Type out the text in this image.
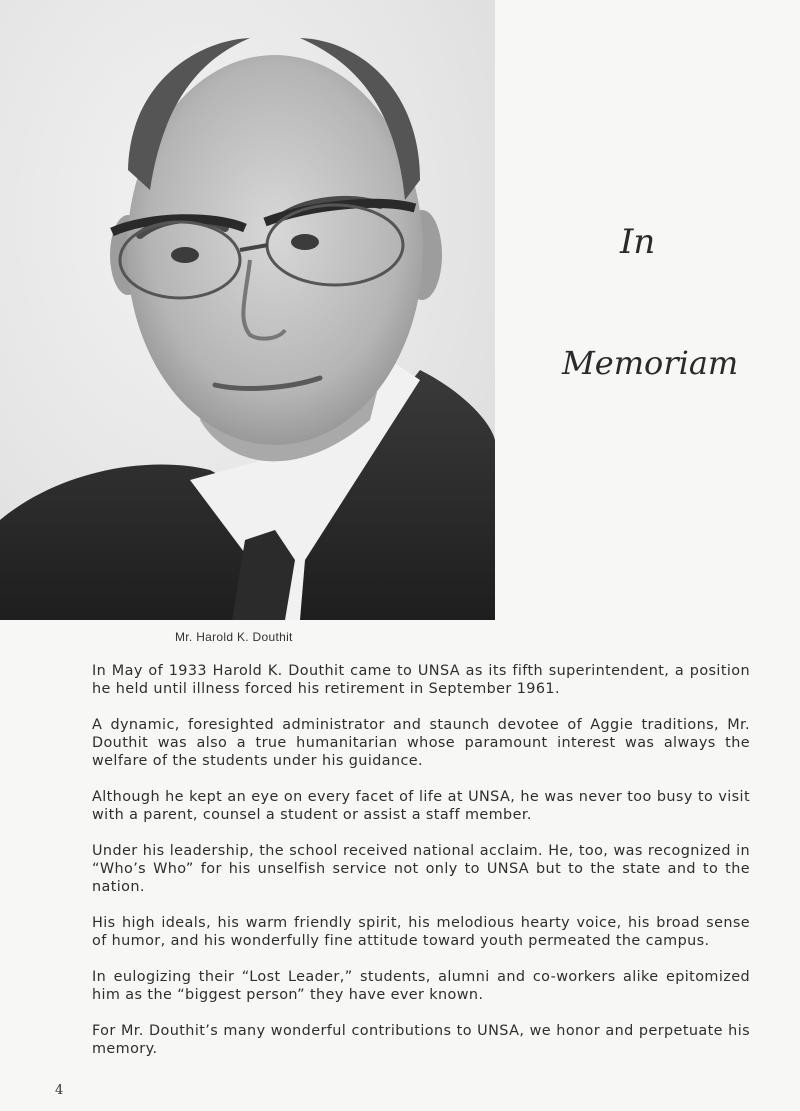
In
Memoriam
Mr. Harold K. Douthit

In May of 1933 Harold K. Douthit came to UNSA as its fifth superintendent, a position he held until illness forced his retirement in September 1961.

A dynamic, foresighted administrator and staunch devotee of Aggie traditions, Mr. Douthit was also a true humanitarian whose paramount interest was always the welfare of the students under his guidance.

Although he kept an eye on every facet of life at UNSA, he was never too busy to visit with a parent, counsel a student or assist a staff member.

Under his leadership, the school received national acclaim. He, too, was recognized in “Who’s Who” for his unselfish service not only to UNSA but to the state and to the nation.

His high ideals, his warm friendly spirit, his melodious hearty voice, his broad sense of humor, and his wonderfully fine attitude toward youth permeated the campus.

In eulogizing their “Lost Leader,” students, alumni and co-workers alike epitomized him as the “biggest person” they have ever known.

For Mr. Douthit’s many wonderful contributions to UNSA, we honor and perpetuate his memory.

4
